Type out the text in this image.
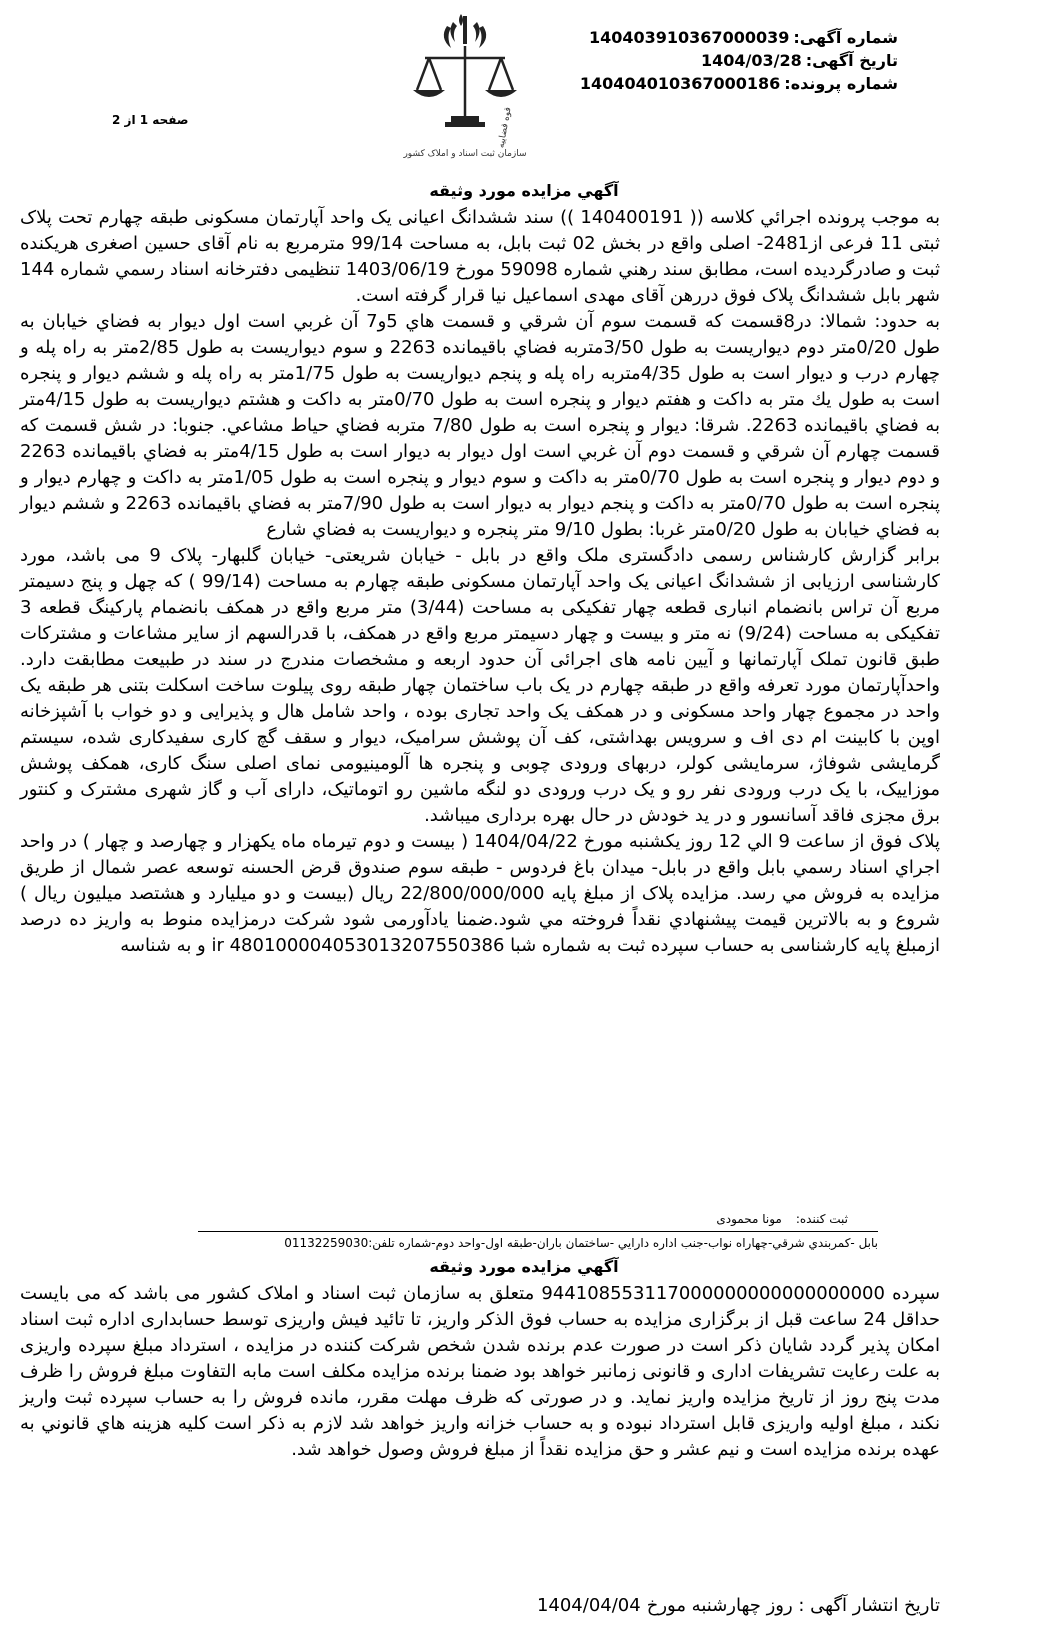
شماره آگهی:140403910367000039
تاریخ آگهی:1404/03/28
شماره پرونده:140404010367000186
قوه قضاییه
سازمان ثبت اسناد و املاک کشور
صفحه 1 از 2
آگهي مزايده مورد وثيقه

به موجب پرونده اجرائي كلاسه (( 140400191 )) سند ششدانگ اعيانی يک واحد آپارتمان مسکونی طبقه چهارم تحت پلاک ثبتی 11 فرعی از2481- اصلی واقع در بخش 02 ثبت بابل، به مساحت 99/14 مترمربع به نام آقای حسين اصغری هريکنده ثبت و صادرگرديده است، مطابق سند رهني شماره 59098 مورخ 1403/06/19 تنظيمی دفترخانه اسناد رسمي شماره 144 شهر بابل ششدانگ پلاک فوق دررهن آقای مهدی اسماعيل نيا قرار گرفته است.

به حدود: شمالا: در8قسمت كه قسمت سوم آن شرقي و قسمت هاي 5و7 آن غربي است اول ديوار به فضاي خيابان به طول 0/20متر دوم ديواريست به طول 3/50متربه فضاي باقيمانده 2263 و سوم ديواريست به طول 2/85متر به راه پله و چهارم درب و ديوار است به طول 4/35متربه راه پله و پنجم ديواريست به طول 1/75متر به راه پله و ششم ديوار و پنجره است به طول يك متر به داكت و هفتم ديوار و پنجره است به طول 0/70متر به داكت و هشتم ديواريست به طول 4/15متر به فضاي باقيمانده 2263. شرقا: ديوار و پنجره است به طول 7/80 متربه فضاي حياط مشاعي. جنوبا: در شش قسمت كه قسمت چهارم آن شرقي و قسمت دوم آن غربي است اول ديوار به ديوار است به طول 4/15متر به فضاي باقيمانده 2263 و دوم ديوار و پنجره است به طول 0/70متر به داكت و سوم ديوار و پنجره است به طول 1/05متر به داكت و چهارم ديوار و پنجره است به طول 0/70متر به داكت و پنجم ديوار به ديوار است به طول 7/90متر به فضاي باقيمانده 2263 و ششم ديوار به فضاي خيابان به طول 0/20متر غربا: بطول 9/10 متر پنجره و ديواريست به فضاي شارع

برابر گزارش کارشناس رسمی دادگستری ملک واقع در بابل - خيابان شريعتی- خيابان گلبهار- پلاک 9 می باشد، مورد کارشناسی ارزيابی از ششدانگ اعيانی يک واحد آپارتمان مسکونی طبقه چهارم به مساحت (99/14 ) که چهل و پنج دسيمتر مربع آن تراس بانضمام انباری قطعه چهار تفکيکی به مساحت (3/44) متر مربع واقع در همکف بانضمام پارکينگ قطعه 3 تفکيکی به مساحت (9/24) نه متر و بيست و چهار دسيمتر مربع واقع در همکف، با قدرالسهم از ساير مشاعات و مشترکات طبق قانون تملک آپارتمانها و آيين نامه های اجرائی آن حدود اربعه و مشخصات مندرج در سند در طبيعت مطابقت دارد. واحدآپارتمان مورد تعرفه واقع در طبقه چهارم در يک باب ساختمان چهار طبقه روی پيلوت ساخت اسکلت بتنی هر طبقه يک واحد در مجموع چهار واحد مسکونی و در همکف يک واحد تجاری بوده ، واحد شامل هال و پذيرايی و دو خواب با آشپزخانه اوپن با کابينت ام دی اف و سرويس بهداشتی، کف آن پوشش سراميک، ديوار و سقف گچ کاری سفيدکاری شده، سيستم گرمايشی شوفاژ، سرمايشی کولر، دربهای ورودی چوبی و پنجره ها آلومينيومی نمای اصلی سنگ کاری، همکف پوشش موزاييک، با يک درب ورودی نفر رو و يک درب ورودی دو لنگه ماشين رو اتوماتيک، دارای آب و گاز شهری مشترک و کنتور برق مجزی فاقد آسانسور و در يد خودش در حال بهره برداری ميباشد.

پلاک فوق از ساعت 9 الي 12 روز يكشنبه مورخ 1404/04/22 ( بيست و دوم تيرماه ماه يکهزار و چهارصد و چهار ) در واحد اجراي اسناد رسمي بابل واقع در بابل- ميدان باغ فردوس - طبقه سوم صندوق قرض الحسنه توسعه عصر شمال از طريق مزايده به فروش مي رسد. مزايده پلاک از مبلغ پايه 22/800/000/000 ريال (بيست و دو ميليارد و هشتصد ميليون ريال ) شروع و به بالاترين قيمت پيشنهادي نقداً فروخته مي شود.ضمنا يادآورمی شود شرکت درمزايده منوط به واريز ده درصد ازمبلغ پايه کارشناسی به حساب سپرده ثبت به شماره شبا ir 480100004053013207550386 و به شناسه

ثبت کننده:مونا محمودی
بابل -كمربندي شرقي-چهاراه نواب-جنب اداره دارايي -ساختمان باران-طبقه اول-واحد دوم-شماره تلفن:01132259030
آگهي مزايده مورد وثيقه

سپرده 944108553117000000000000000000 متعلق به سازمان ثبت اسناد و املاک کشور می باشد که می بايست حداقل 24 ساعت قبل از برگزاری مزايده به حساب فوق الذکر واريز، تا تائيد فيش واريزی توسط حسابداری اداره ثبت اسناد امکان پذير گردد شايان ذکر است در صورت عدم برنده شدن شخص شرکت کننده در مزايده ، استرداد مبلغ سپرده واريزی به علت رعايت تشريفات اداری و قانونی زمانبر خواهد بود ضمنا برنده مزايده مکلف است مابه التفاوت مبلغ فروش را ظرف مدت پنج روز از تاريخ مزايده واريز نمايد. و در صورتی که ظرف مهلت مقرر، مانده فروش را به حساب سپرده ثبت واريز نکند ، مبلغ اوليه واريزی قابل استرداد نبوده و به حساب خزانه واريز خواهد شد لازم به ذکر است کليه هزينه هاي قانوني به عهده برنده مزايده است و نيم عشر و حق مزايده نقداً از مبلغ فروش وصول خواهد شد.

تاريخ انتشار آگهی : روز چهارشنبه مورخ1404/04/04
